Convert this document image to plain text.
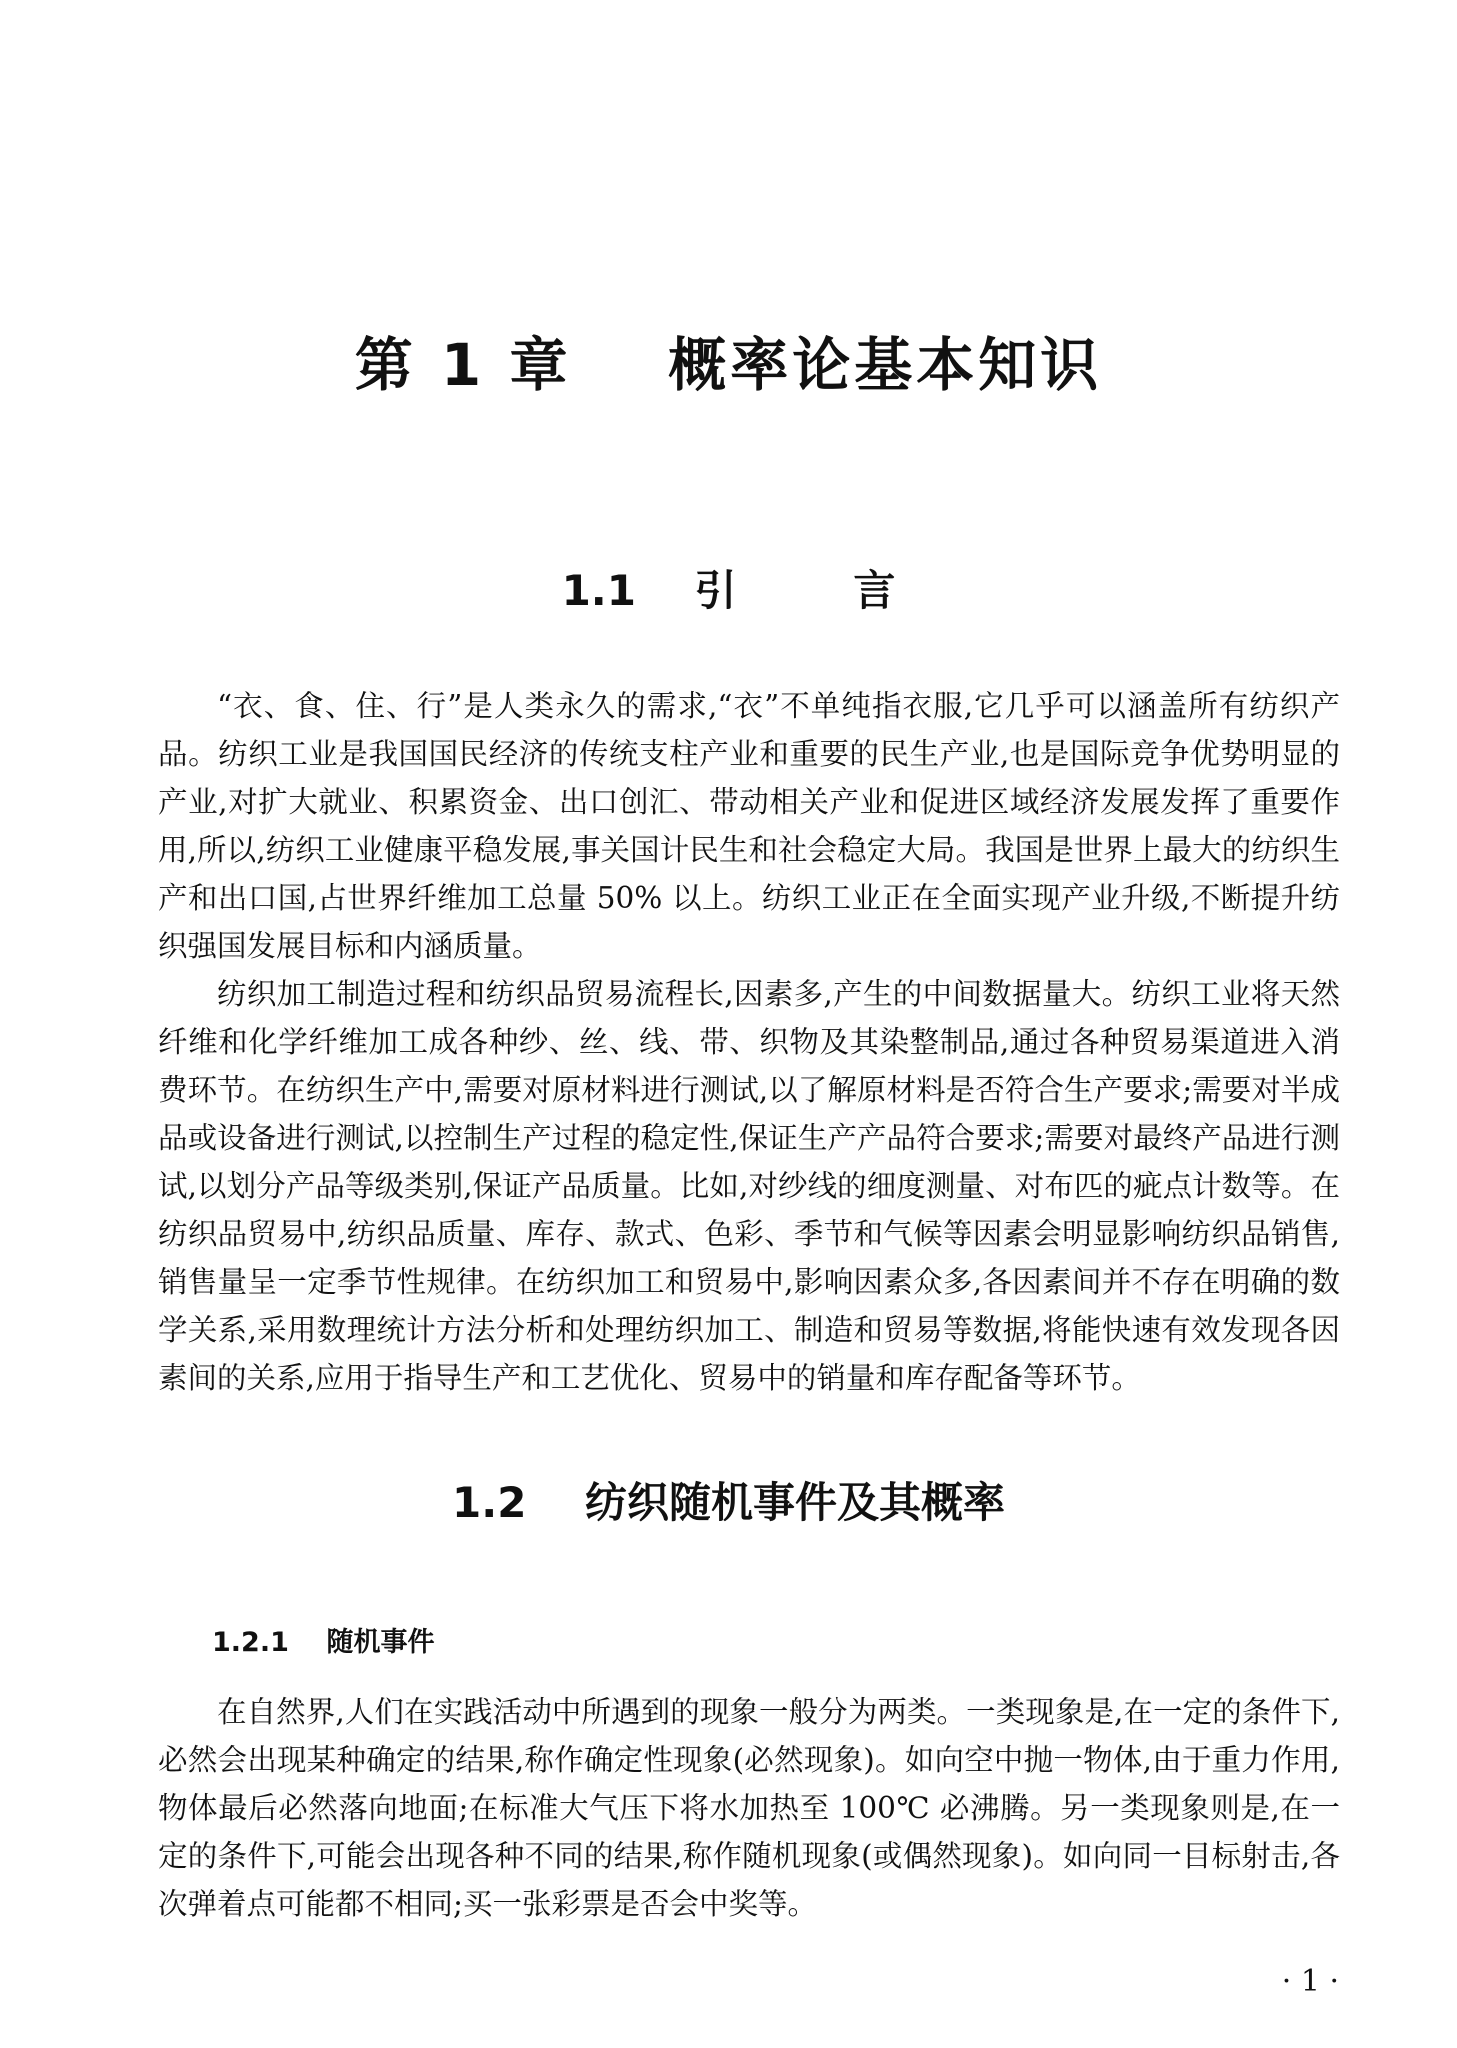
第 1 章    概率论基本知识
1.1    引        言

“衣、食、住、行”是人类永久的需求,“衣”不单纯指衣服,它几乎可以涵盖所有纺织产品。纺织工业是我国国民经济的传统支柱产业和重要的民生产业,也是国际竞争优势明显的产业,对扩大就业、积累资金、出口创汇、带动相关产业和促进区域经济发展发挥了重要作用,所以,纺织工业健康平稳发展,事关国计民生和社会稳定大局。我国是世界上最大的纺织生产和出口国,占世界纤维加工总量 50% 以上。纺织工业正在全面实现产业升级,不断提升纺织强国发展目标和内涵质量。

纺织加工制造过程和纺织品贸易流程长,因素多,产生的中间数据量大。纺织工业将天然纤维和化学纤维加工成各种纱、丝、线、带、织物及其染整制品,通过各种贸易渠道进入消费环节。在纺织生产中,需要对原材料进行测试,以了解原材料是否符合生产要求;需要对半成品或设备进行测试,以控制生产过程的稳定性,保证生产产品符合要求;需要对最终产品进行测试,以划分产品等级类别,保证产品质量。比如,对纱线的细度测量、对布匹的疵点计数等。在纺织品贸易中,纺织品质量、库存、款式、色彩、季节和气候等因素会明显影响纺织品销售,销售量呈一定季节性规律。在纺织加工和贸易中,影响因素众多,各因素间并不存在明确的数学关系,采用数理统计方法分析和处理纺织加工、制造和贸易等数据,将能快速有效发现各因素间的关系,应用于指导生产和工艺优化、贸易中的销量和库存配备等环节。

1.2    纺织随机事件及其概率
1.2.1    随机事件

在自然界,人们在实践活动中所遇到的现象一般分为两类。一类现象是,在一定的条件下,必然会出现某种确定的结果,称作确定性现象(必然现象)。如向空中抛一物体,由于重力作用,物体最后必然落向地面;在标准大气压下将水加热至 100℃ 必沸腾。另一类现象则是,在一定的条件下,可能会出现各种不同的结果,称作随机现象(或偶然现象)。如向同一目标射击,各次弹着点可能都不相同;买一张彩票是否会中奖等。

· 1 ·
